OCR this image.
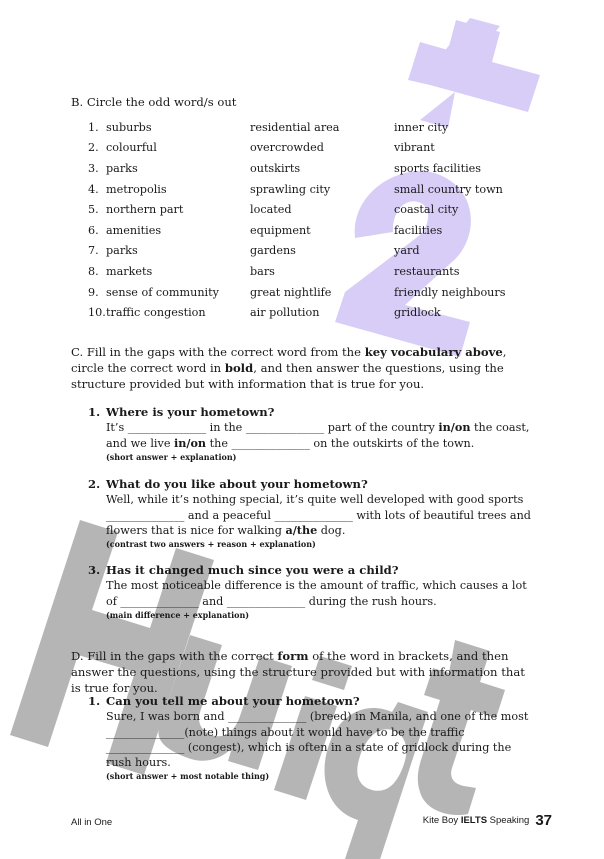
B. Circle the odd word/s out
1.	suburbs	residential area	inner city
2.	colourful	overcrowded	vibrant
3.	parks	outskirts	sports facilities
4.	metropolis	sprawling city	small country town
5.	northern part	located	coastal city
6.	amenities	equipment	facilities
7.	parks	gardens	yard
8.	markets	bars	restaurants
9.	sense of community	great nightlife	friendly neighbours
10.	traffic congestion	air pollution	gridlock
C. Fill in the gaps with the correct word from the key vocabulary above, circle the correct word in bold, and then answer the questions, using the structure provided but with information that is true for you.
1. Where is your hometown?
It’s ______________ in the ______________ part of the country in/on the coast, and we live in/on the ______________ on the outskirts of the town.
(short answer + explanation)
2. What do you like about your hometown?
Well, while it’s nothing special, it’s quite well developed with good sports ______________ and a peaceful ______________ with lots of beautiful trees and flowers that is nice for walking a/the dog.
(contrast two answers + reason + explanation)
3. Has it changed much since you were a child?
The most noticeable difference is the amount of traffic, which causes a lot of ______________ and ______________ during the rush hours.
(main difference + explanation)
D. Fill in the gaps with the correct form of the word in brackets, and then answer the questions, using the structure provided but with information that is true for you.
1. Can you tell me about your hometown?
Sure, I was born and ______________ (breed) in Manila, and one of the most ______________(note) things about it would have to be the traffic ______________ (congest), which is often in a state of gridlock during the rush hours.
(short answer + most notable thing)
All in One	Kite Boy IELTS Speaking 37
